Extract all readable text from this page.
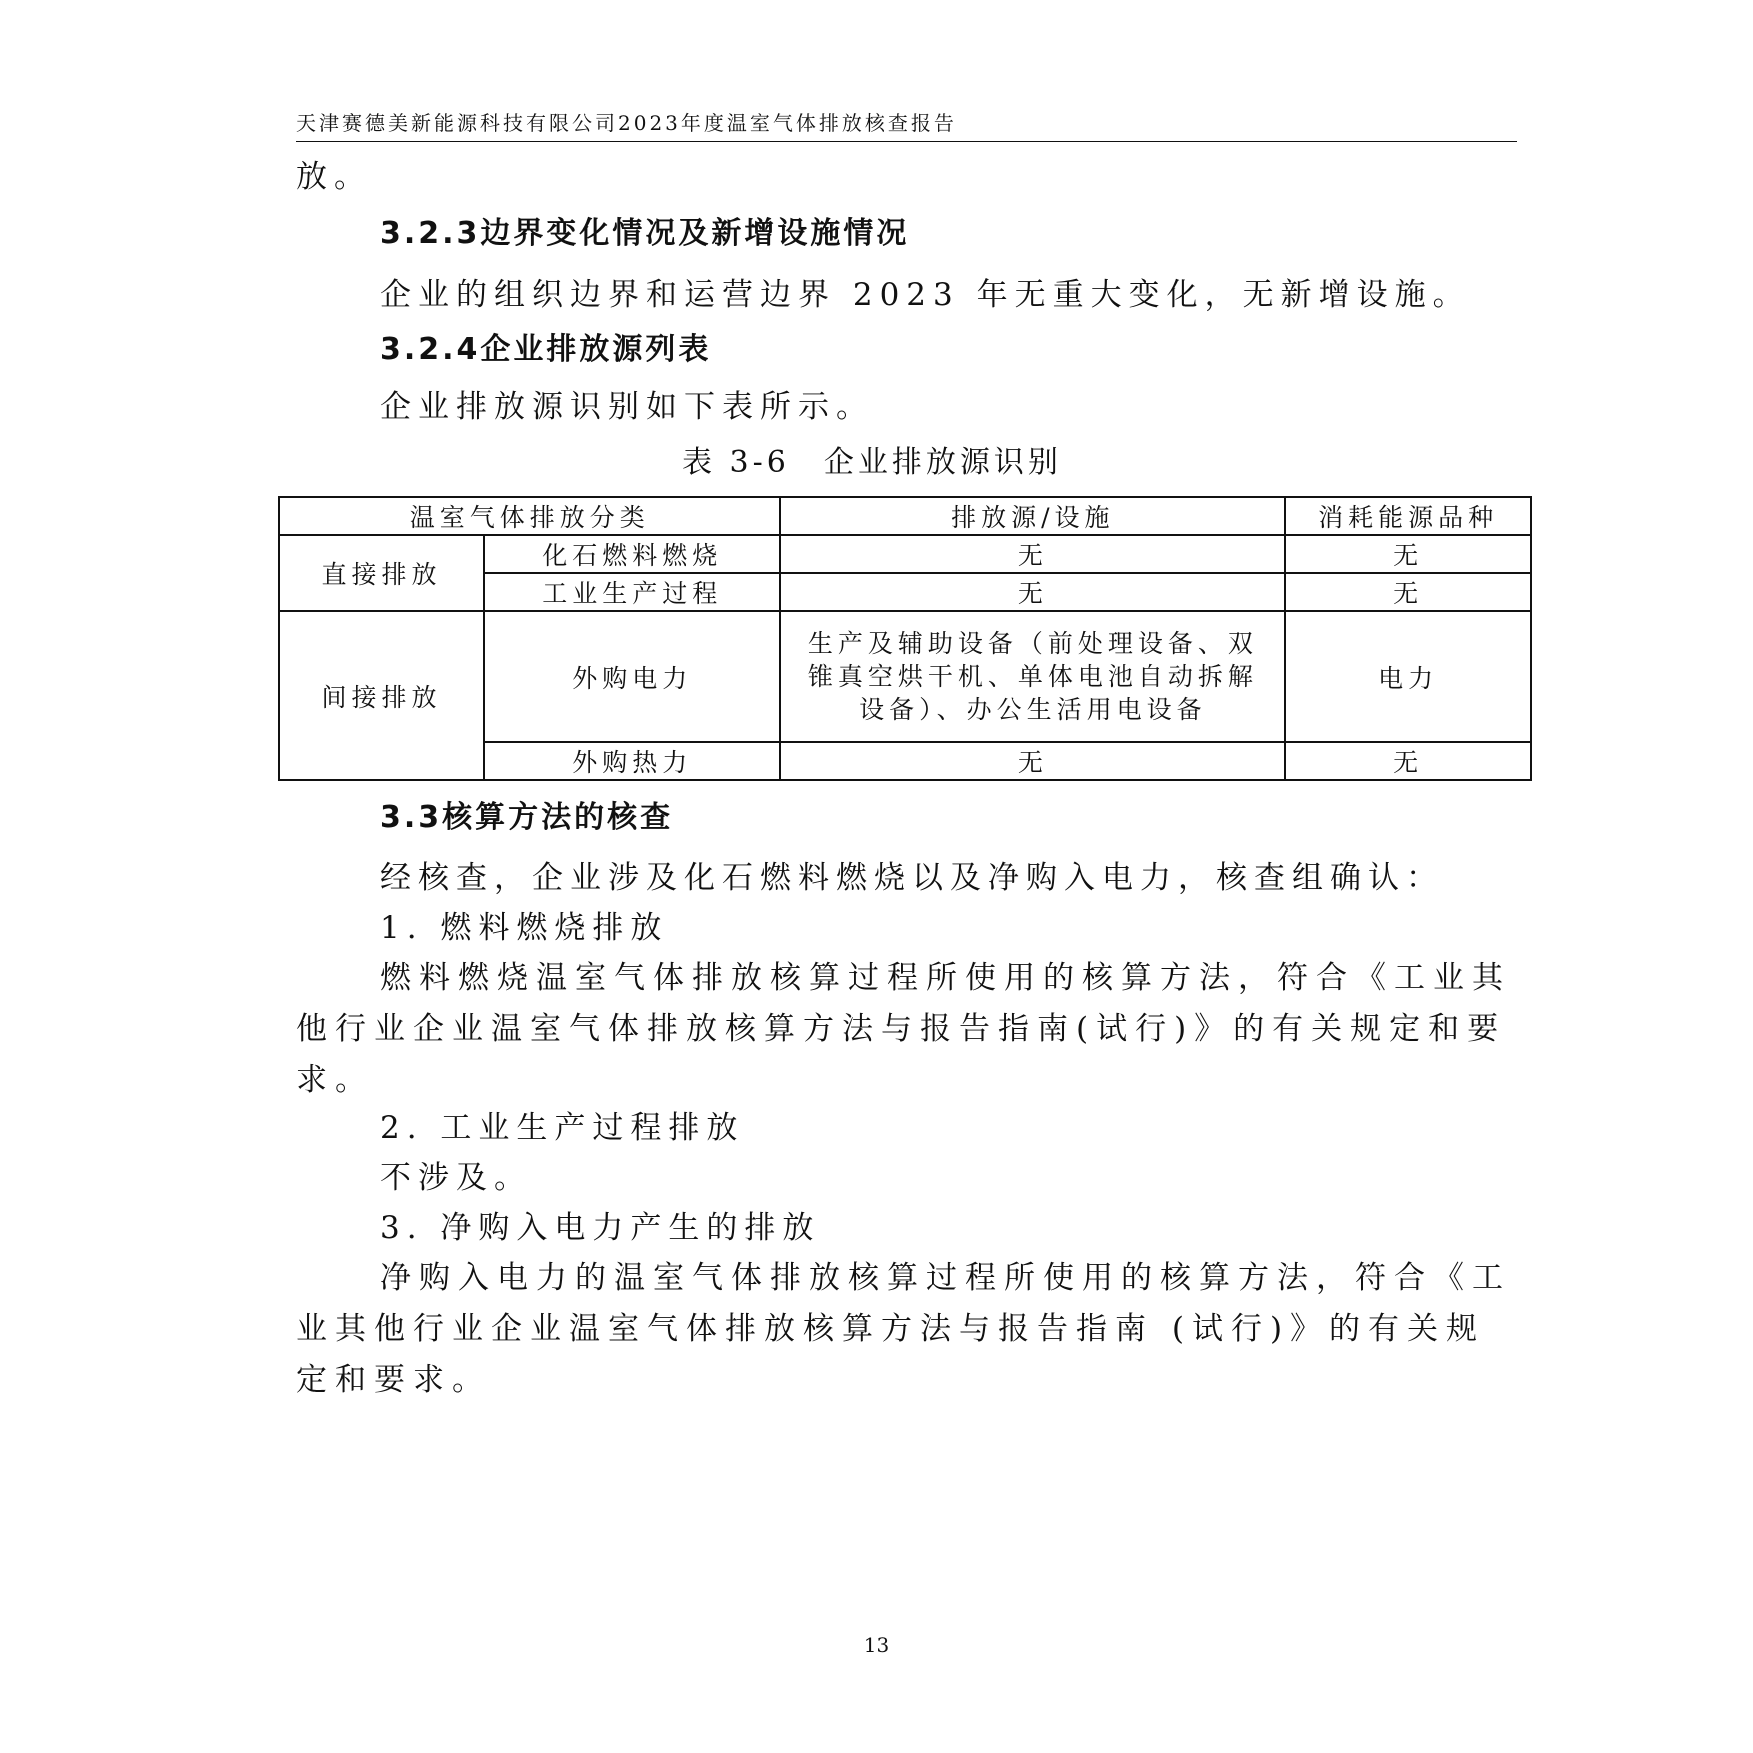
天津赛德美新能源科技有限公司2023年度温室气体排放核查报告
放。
3.2.3边界变化情况及新增设施情况
企业的组织边界和运营边界 2023 年无重大变化，无新增设施。
3.2.4企业排放源列表
企业排放源识别如下表所示。
表 3-6　企业排放源识别
温室气体排放分类		排放源/设施	消耗能源品种
直接排放	化石燃料燃烧	无	无
	工业生产过程	无	无
间接排放	外购电力	生产及辅助设备（前处理设备、双锥真空烘干机、单体电池自动拆解设备）、办公生活用电设备	电力
	外购热力	无	无
3.3核算方法的核查
经核查，企业涉及化石燃料燃烧以及净购入电力，核查组确认：
1. 燃料燃烧排放
燃料燃烧温室气体排放核算过程所使用的核算方法，符合《工业其他行业企业温室气体排放核算方法与报告指南(试行)》的有关规定和要求。
2. 工业生产过程排放
不涉及。
3. 净购入电力产生的排放
净购入电力的温室气体排放核算过程所使用的核算方法，符合《工业其他行业企业温室气体排放核算方法与报告指南 (试行)》的有关规定和要求。
13
